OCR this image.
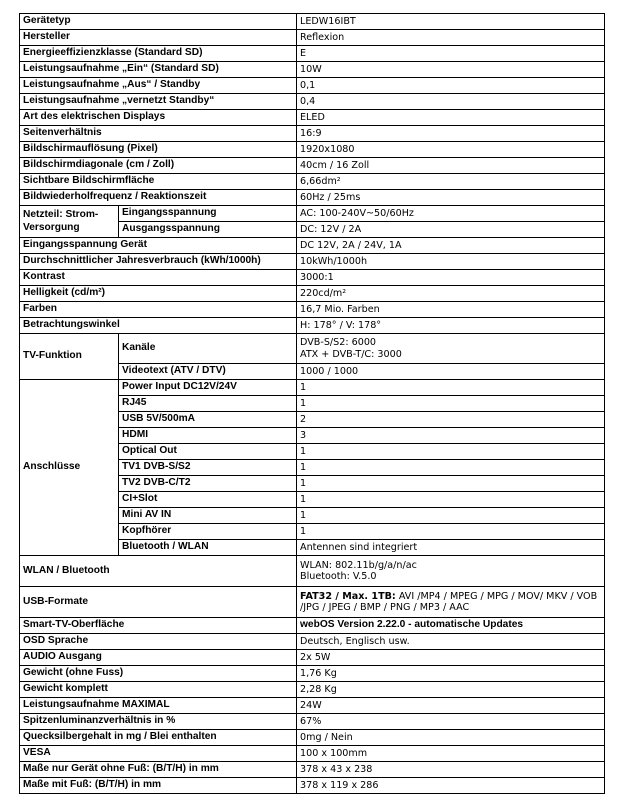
Gerätetyp		LEDW16IBT
Hersteller		Reflexion
Energieeffizienzklasse (Standard SD)		E
Leistungsaufnahme „Ein“ (Standard SD)		10W
Leistungsaufnahme „Aus“ / Standby		0,1
Leistungsaufnahme „vernetzt Standby“		0,4
Art des elektrischen Displays		ELED
Seitenverhältnis		16:9
Bildschirmauflösung (Pixel)		1920x1080
Bildschirmdiagonale (cm / Zoll)		40cm / 16 Zoll
Sichtbare Bildschirmfläche		6,66dm²
Bildwiederholfrequenz / Reaktionszeit		60Hz / 25ms

Netzteil: Strom-
Versorgung	Eingangsspannung	AC: 100-240V~50/60Hz
	Ausgangsspannung	DC: 12V / 2A
Eingangsspannung Gerät		DC 12V, 2A / 24V, 1A
Durchschnittlicher Jahresverbrauch (kWh/1000h)		10kWh/1000h
Kontrast		3000:1
Helligkeit (cd/m²)		220cd/m²
Farben		16,7 Mio. Farben
Betrachtungswinkel		H: 178° / V: 178°
TV-Funktion	Kanäle	DVB-S/S2: 6000
ATX + DVB-T/C: 3000

	Videotext (ATV / DTV)	1000 / 1000
Anschlüsse	Power Input DC12V/24V	1
	RJ45	1
	USB 5V/500mA	2
	HDMI	3
	Optical Out	1
	TV1 DVB-S/S2	1
	TV2 DVB-C/T2	1
	CI+Slot	1
	Mini AV IN	1
	Kopfhörer	1
	Bluetooth / WLAN	Antennen sind integriert
WLAN / Bluetooth		WLAN: 802.11b/g/a/n/ac
Bluetooth: V.5.0

USB-Formate		FAT32 / Max. 1TB: AVI /MP4 / MPEG / MPG / MOV/ MKV / VOB /JPG / JPEG / BMP / PNG / MP3 / AAC
Smart-TV-Oberfläche		webOS Version 2.22.0 - automatische Updates
OSD Sprache		Deutsch, Englisch usw.
AUDIO Ausgang		2x 5W
Gewicht (ohne Fuss)		1,76 Kg
Gewicht komplett		2,28 Kg
Leistungsaufnahme MAXIMAL		24W
Spitzenluminanzverhältnis in %		67%
Quecksilbergehalt in mg / Blei enthalten		0mg / Nein
VESA		100 x 100mm
Maße nur Gerät ohne Fuß: (B/T/H) in mm		378 x 43 x 238
Maße mit Fuß: (B/T/H) in mm		378 x 119 x 286
